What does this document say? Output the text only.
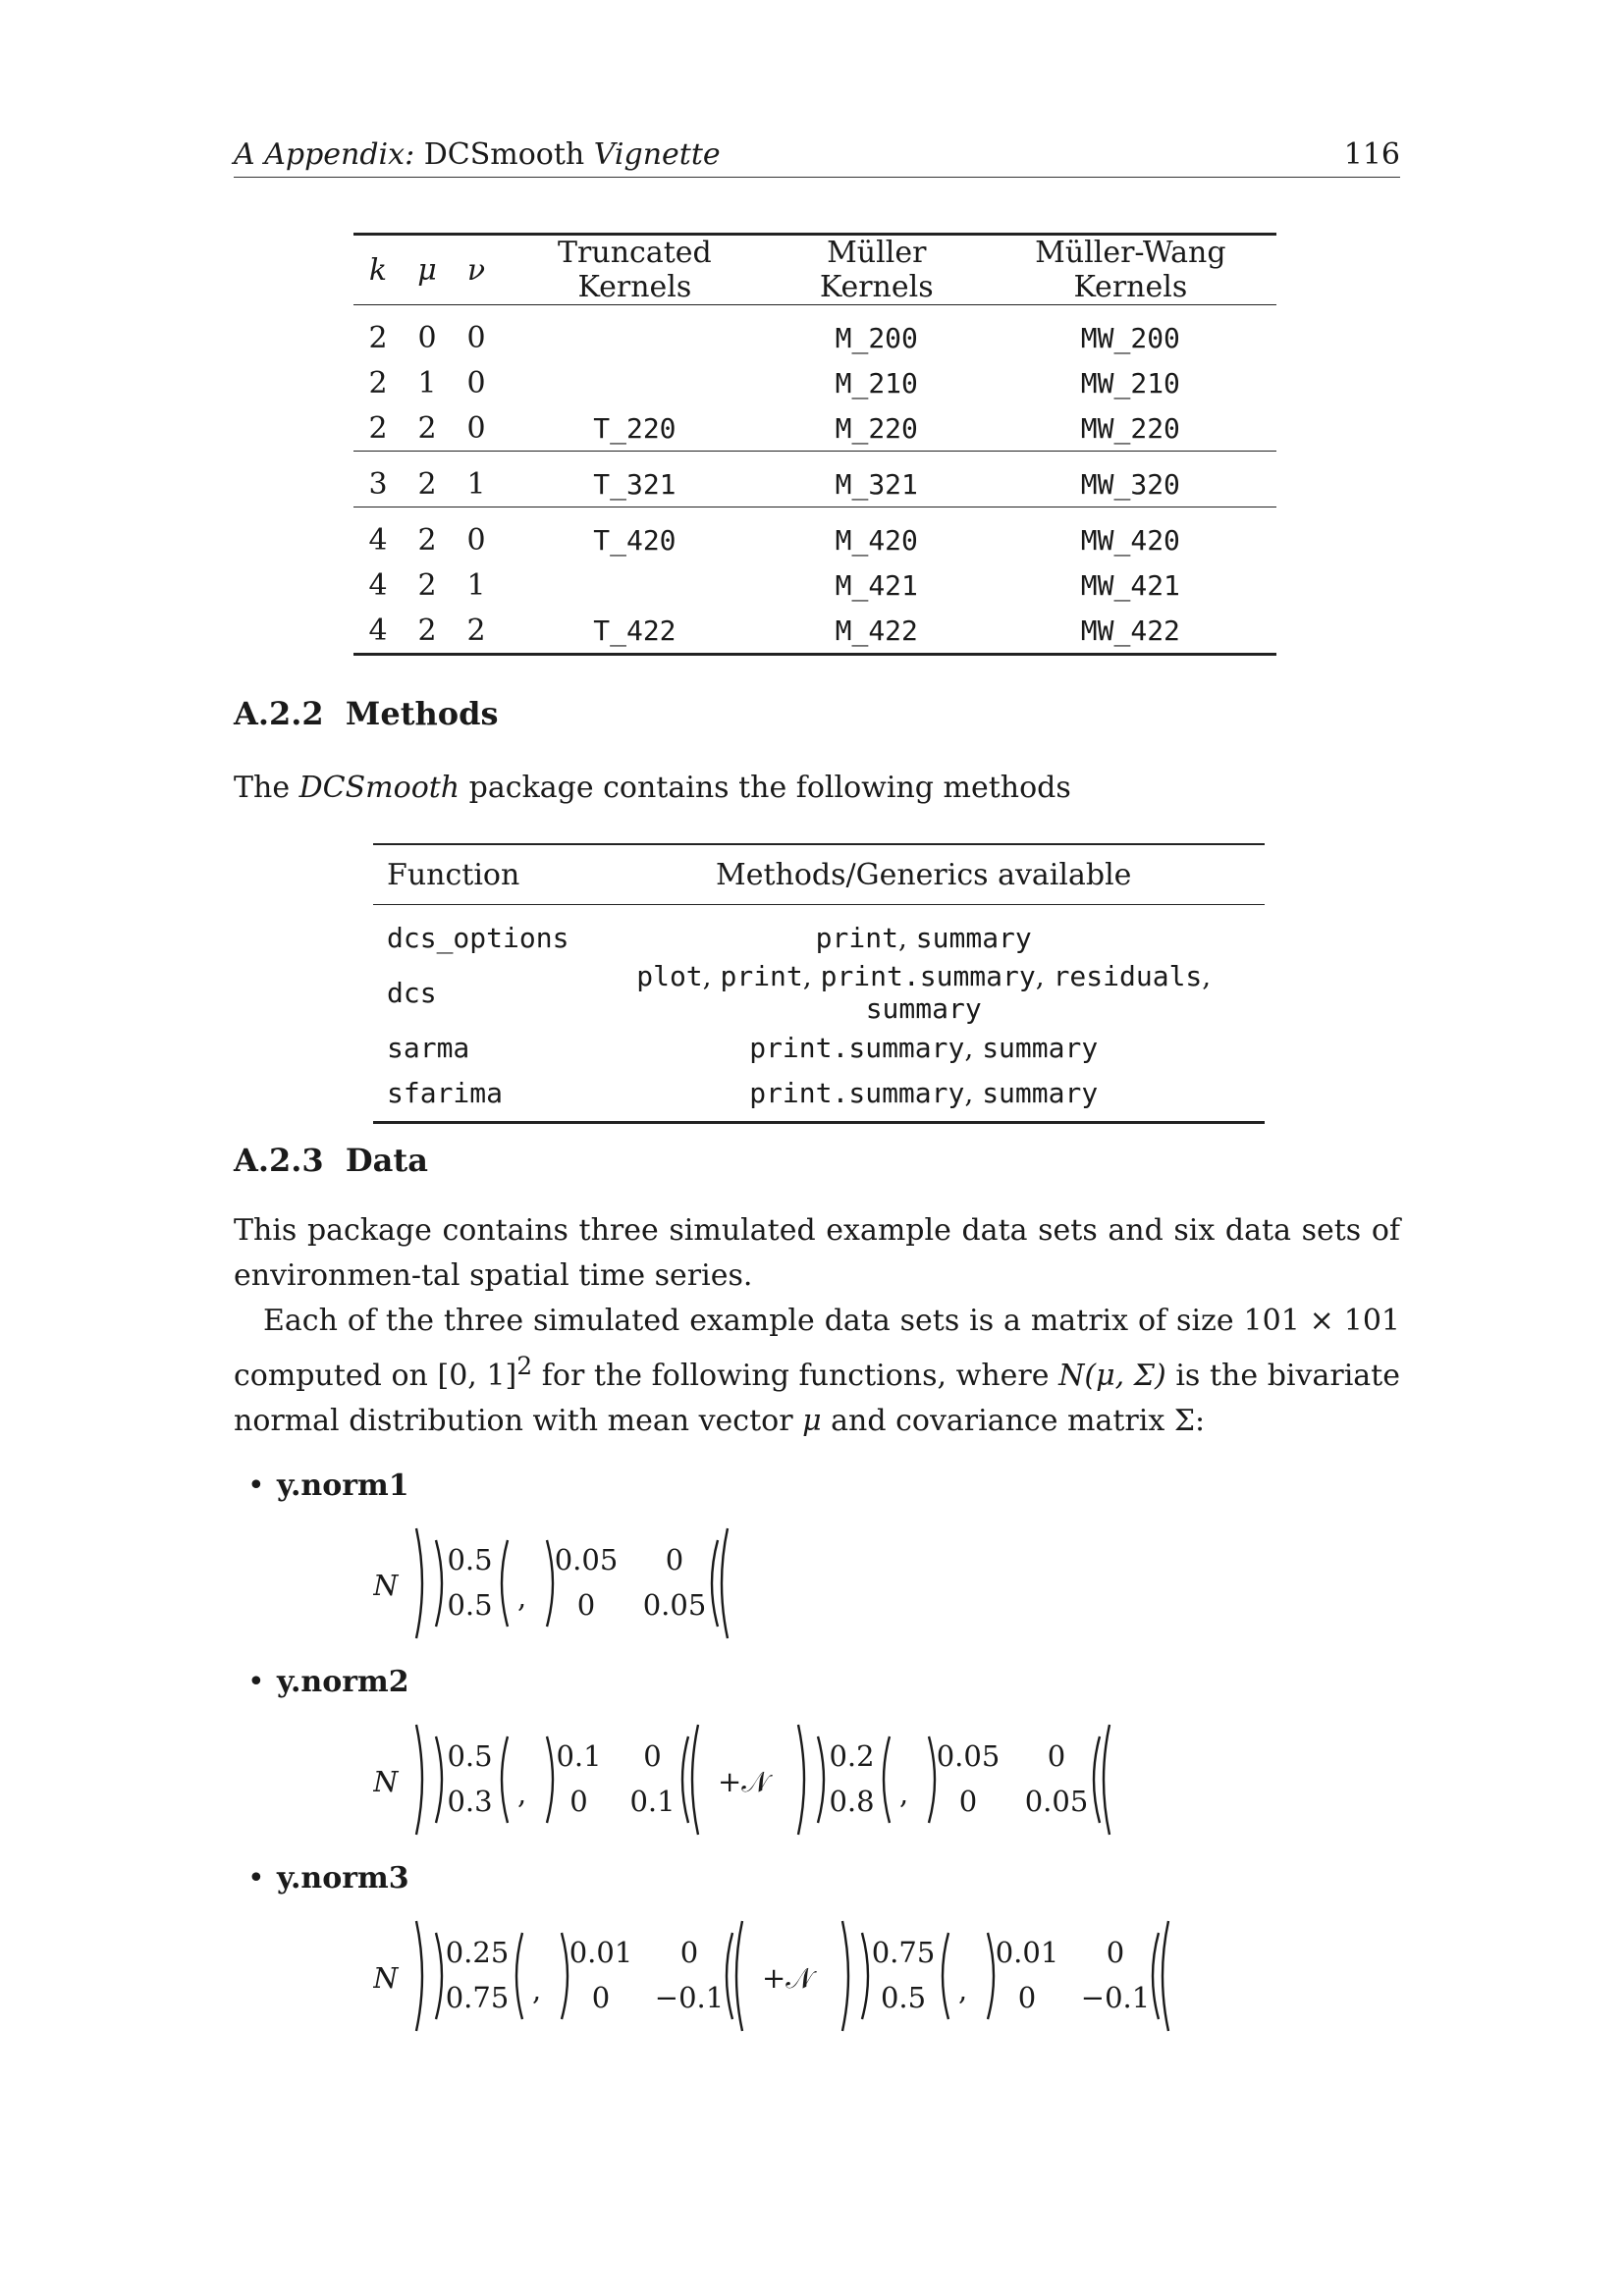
A Appendix: DCSmooth Vignette	116
k	μ	ν	Truncated Kernels	Müller Kernels	Müller-Wang Kernels
2	0	0		M_200	MW_200
2	1	0		M_210	MW_210
2	2	0	T_220	M_220	MW_220
3	2	1	T_321	M_321	MW_320
4	2	0	T_420	M_420	MW_420
4	2	1		M_421	MW_421
4	2	2	T_422	M_422	MW_422
A.2.2 Methods
The DCSmooth package contains the following methods
Function	Methods/Generics available
dcs_options	print, summary
dcs	plot, print, print.summary, residuals, summary
sarma	print.summary, summary
sfarima	print.summary, summary
A.2.3 Data
This package contains three simulated example data sets and six data sets of environmen-tal spatial time series.
Each of the three simulated example data sets is a matrix of size 101 × 101 computed on [0, 1]$^2$ for the following functions, where N(μ, Σ) is the bivariate normal distribution with mean vector μ and covariance matrix Σ:
• y.norm1
N
0.5
0.5 ,
0.05 0
0 0.05
• y.norm2
N
0.5
0.3 ,
0.1 0
0 0.1
+𝒩
0.2
0.8 ,
0.05 0
0 0.05
• y.norm3
N
0.25
0.75 ,
0.01 0
0 −0.1
+𝒩
0.75
0.5 ,
0.01 0
0 −0.1
